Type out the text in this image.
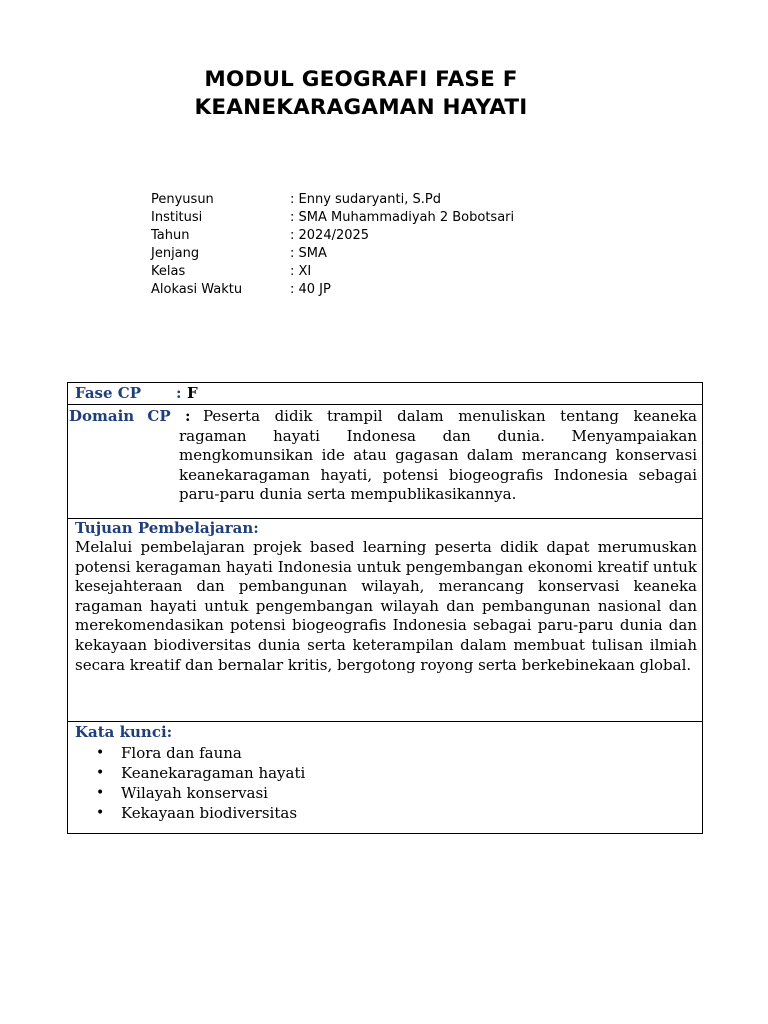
MODUL GEOGRAFI FASE F
KEANEKARAGAMAN HAYATI
Penyusun	: Enny sudaryanti, S.Pd
Institusi	: SMA Muhammadiyah 2 Bobotsari
Tahun	: 2024/2025
Jenjang	: SMA
Kelas	: XI
Alokasi Waktu	: 40 JP
Fase CP : F
Domain CP : Peserta didik trampil dalam menuliskan tentang keaneka ragaman hayati Indonesa dan dunia. Menyampaiakan mengkomunsikan ide atau gagasan dalam merancang konservasi keanekaragaman hayati, potensi biogeografis Indonesia sebagai paru-paru dunia serta mempublikasikannya.
Tujuan Pembelajaran:
Melalui pembelajaran projek based learning peserta didik dapat merumuskan potensi keragaman hayati Indonesia untuk pengembangan ekonomi kreatif untuk kesejahteraan dan pembangunan wilayah, merancang konservasi keaneka ragaman hayati untuk pengembangan wilayah dan pembangunan nasional dan merekomendasikan potensi biogeografis Indonesia sebagai paru-paru dunia dan kekayaan biodiversitas dunia serta keterampilan dalam membuat tulisan ilmiah secara kreatif dan bernalar kritis, bergotong royong serta berkebinekaan global.
Kata kunci:
•	Flora dan fauna
•	Keanekaragaman hayati
•	Wilayah konservasi
•	Kekayaan biodiversitas
